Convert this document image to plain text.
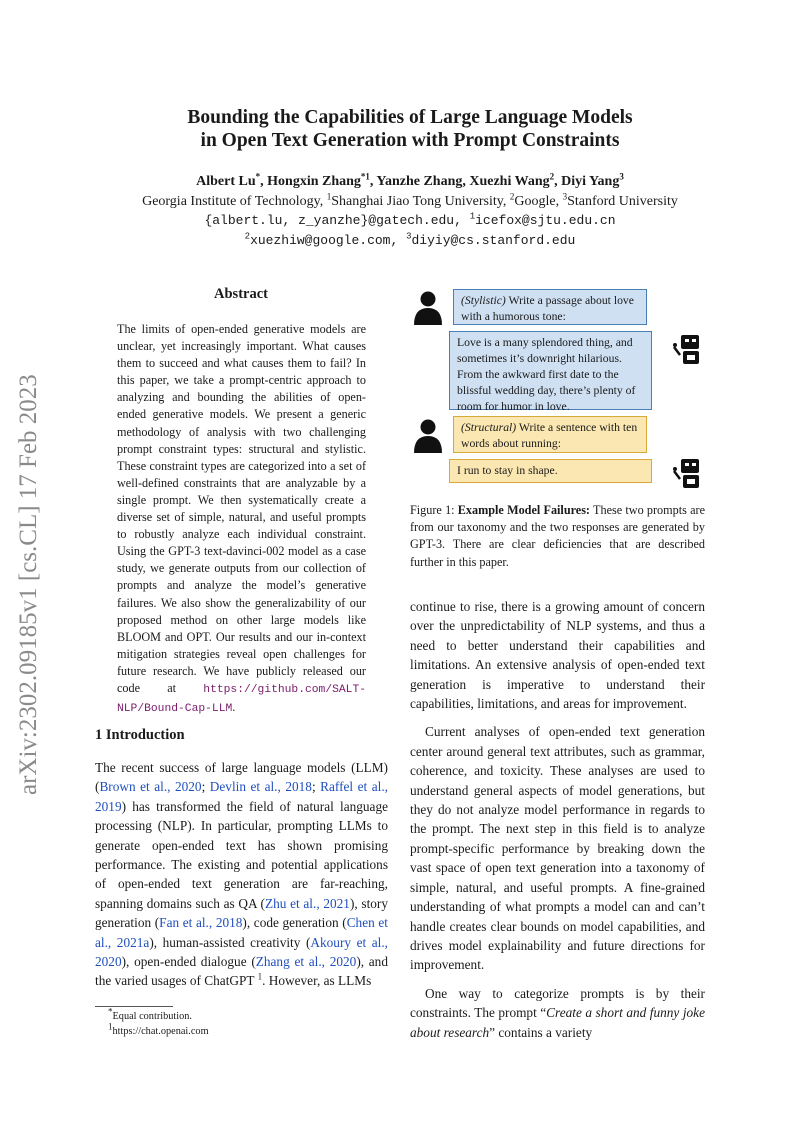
arXiv:2302.09185v1 [cs.CL] 17 Feb 2023
Bounding the Capabilities of Large Language Models
in Open Text Generation with Prompt Constraints
Albert Lu*, Hongxin Zhang$^{*1}$, Yanzhe Zhang, Xuezhi Wang$^2$, Diyi Yang$^3$
Georgia Institute of Technology, $^1$Shanghai Jiao Tong University, $^2$Google, $^3$Stanford University
{albert.lu, z_yanzhe}@gatech.edu, $^1$icefox@sjtu.edu.cn
$^2$xuezhiw@google.com, $^3$diyiy@cs.stanford.edu
Abstract

The limits of open-ended generative models are unclear, yet increasingly important. What causes them to succeed and what causes them to fail? In this paper, we take a prompt-centric approach to analyzing and bounding the abilities of open-ended generative models. We present a generic methodology of analysis with two challenging prompt constraint types: structural and stylistic. These constraint types are categorized into a set of well-defined constraints that are analyzable by a single prompt. We then systematically create a diverse set of simple, natural, and useful prompts to robustly analyze each individual constraint. Using the GPT-3 text-davinci-002 model as a case study, we generate outputs from our collection of prompts and analyze the model’s generative failures. We also show the generalizability of our proposed method on other large models like BLOOM and OPT. Our results and our in-context mitigation strategies reveal open challenges for future research. We have publicly released our code at https://github.com/SALT-NLP/Bound-Cap-LLM.

1 Introduction

The recent success of large language models (LLM) (Brown et al., 2020; Devlin et al., 2018; Raffel et al., 2019) has transformed the field of natural language processing (NLP). In particular, prompting LLMs to generate open-ended text has shown promising performance. The existing and potential applications of open-ended text generation are far-reaching, spanning domains such as QA (Zhu et al., 2021), story generation (Fan et al., 2018), code generation (Chen et al., 2021a), human-assisted creativity (Akoury et al., 2020), open-ended dialogue (Zhang et al., 2020), and the varied usages of ChatGPT $^1$. However, as LLMs

*Equal contribution.
$^1$https://chat.openai.com
(Stylistic) Write a passage about love with a humorous tone:
Love is a many splendored thing, and sometimes it’s downright hilarious. From the awkward first date to the blissful wedding day, there’s plenty of room for humor in love.
(Structural) Write a sentence with ten words about running:
I run to stay in shape.
Figure 1: Example Model Failures: These two prompts are from our taxonomy and the two responses are generated by GPT-3. There are clear deficiencies that are described further in this paper.

continue to rise, there is a growing amount of concern over the unpredictability of NLP systems, and thus a need to better understand their capabilities and limitations. An extensive analysis of open-ended text generation is imperative to understand their capabilities, limitations, and areas for improvement.

Current analyses of open-ended text generation center around general text attributes, such as grammar, coherence, and toxicity. These analyses are used to understand general aspects of model generations, but they do not analyze model performance in regards to the prompt. The next step in this field is to analyze prompt-specific performance by breaking down the vast space of open text generation into a taxonomy of simple, natural, and useful prompts. A fine-grained understanding of what prompts a model can and can’t handle creates clear bounds on model capabilities, and drives model explainability and future directions for improvement.

One way to categorize prompts is by their constraints. The prompt “Create a short and funny joke about research” contains a variety
